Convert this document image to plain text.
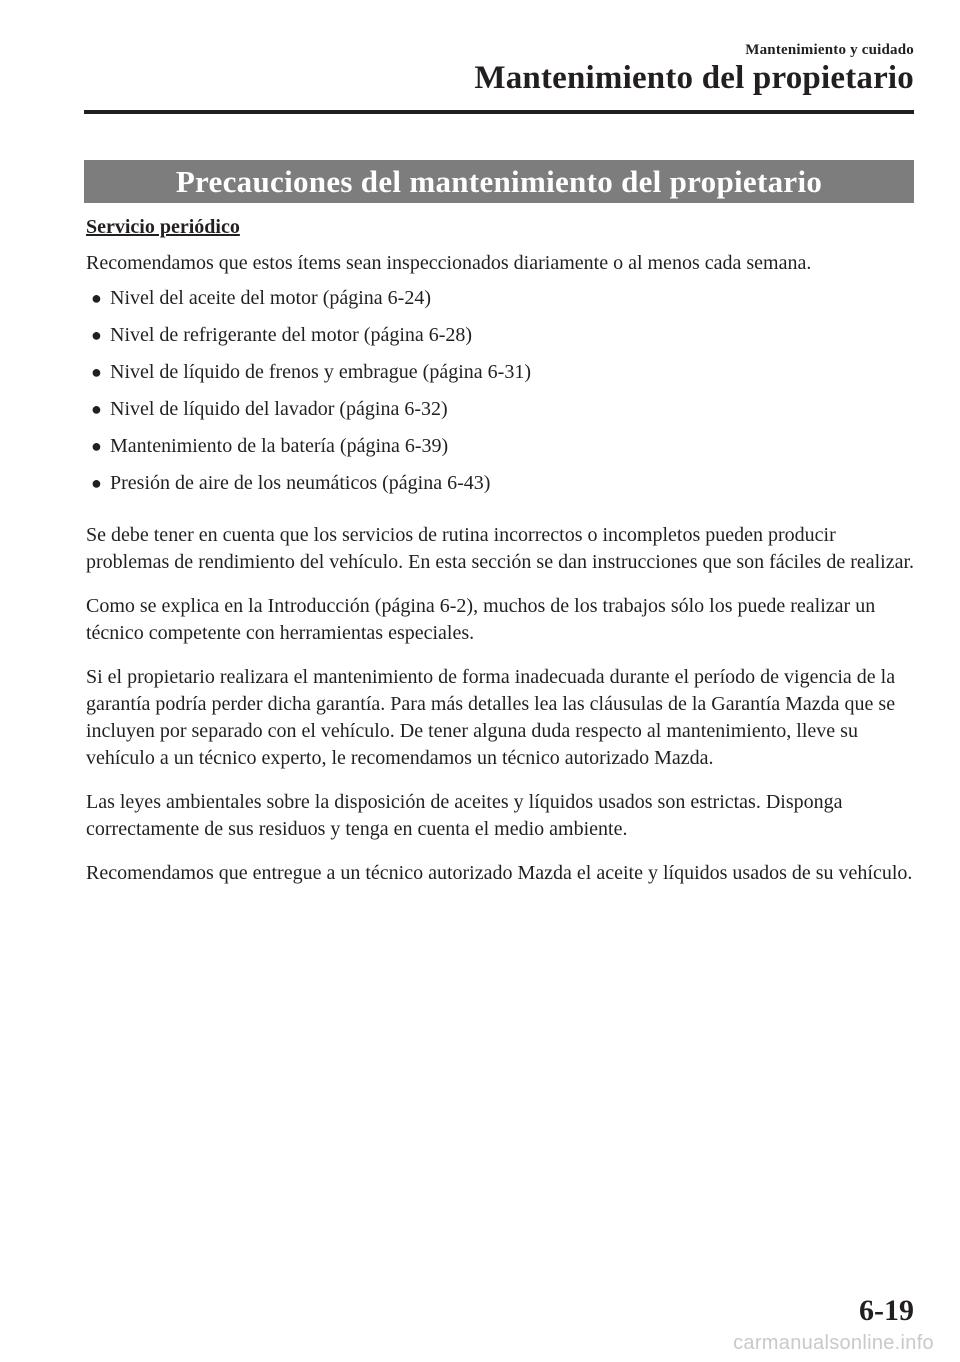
Mantenimiento y cuidado
Mantenimiento del propietario
Precauciones del mantenimiento del propietario
Servicio periódico
Recomendamos que estos ítems sean inspeccionados diariamente o al menos cada semana.
● Nivel del aceite del motor (página 6-24)
● Nivel de refrigerante del motor (página 6-28)
● Nivel de líquido de frenos y embrague (página 6-31)
● Nivel de líquido del lavador (página 6-32)
● Mantenimiento de la batería (página 6-39)
● Presión de aire de los neumáticos (página 6-43)

Se debe tener en cuenta que los servicios de rutina incorrectos o incompletos pueden producir problemas de rendimiento del vehículo. En esta sección se dan instrucciones que son fáciles de realizar.

Como se explica en la Introducción (página 6-2), muchos de los trabajos sólo los puede realizar un técnico competente con herramientas especiales.

Si el propietario realizara el mantenimiento de forma inadecuada durante el período de vigencia de la garantía podría perder dicha garantía. Para más detalles lea las cláusulas de la Garantía Mazda que se incluyen por separado con el vehículo. De tener alguna duda respecto al mantenimiento, lleve su vehículo a un técnico experto, le recomendamos un técnico autorizado Mazda.

Las leyes ambientales sobre la disposición de aceites y líquidos usados son estrictas. Disponga correctamente de sus residuos y tenga en cuenta el medio ambiente.

Recomendamos que entregue a un técnico autorizado Mazda el aceite y líquidos usados de su vehículo.

6-19
carmanualsonline.info
